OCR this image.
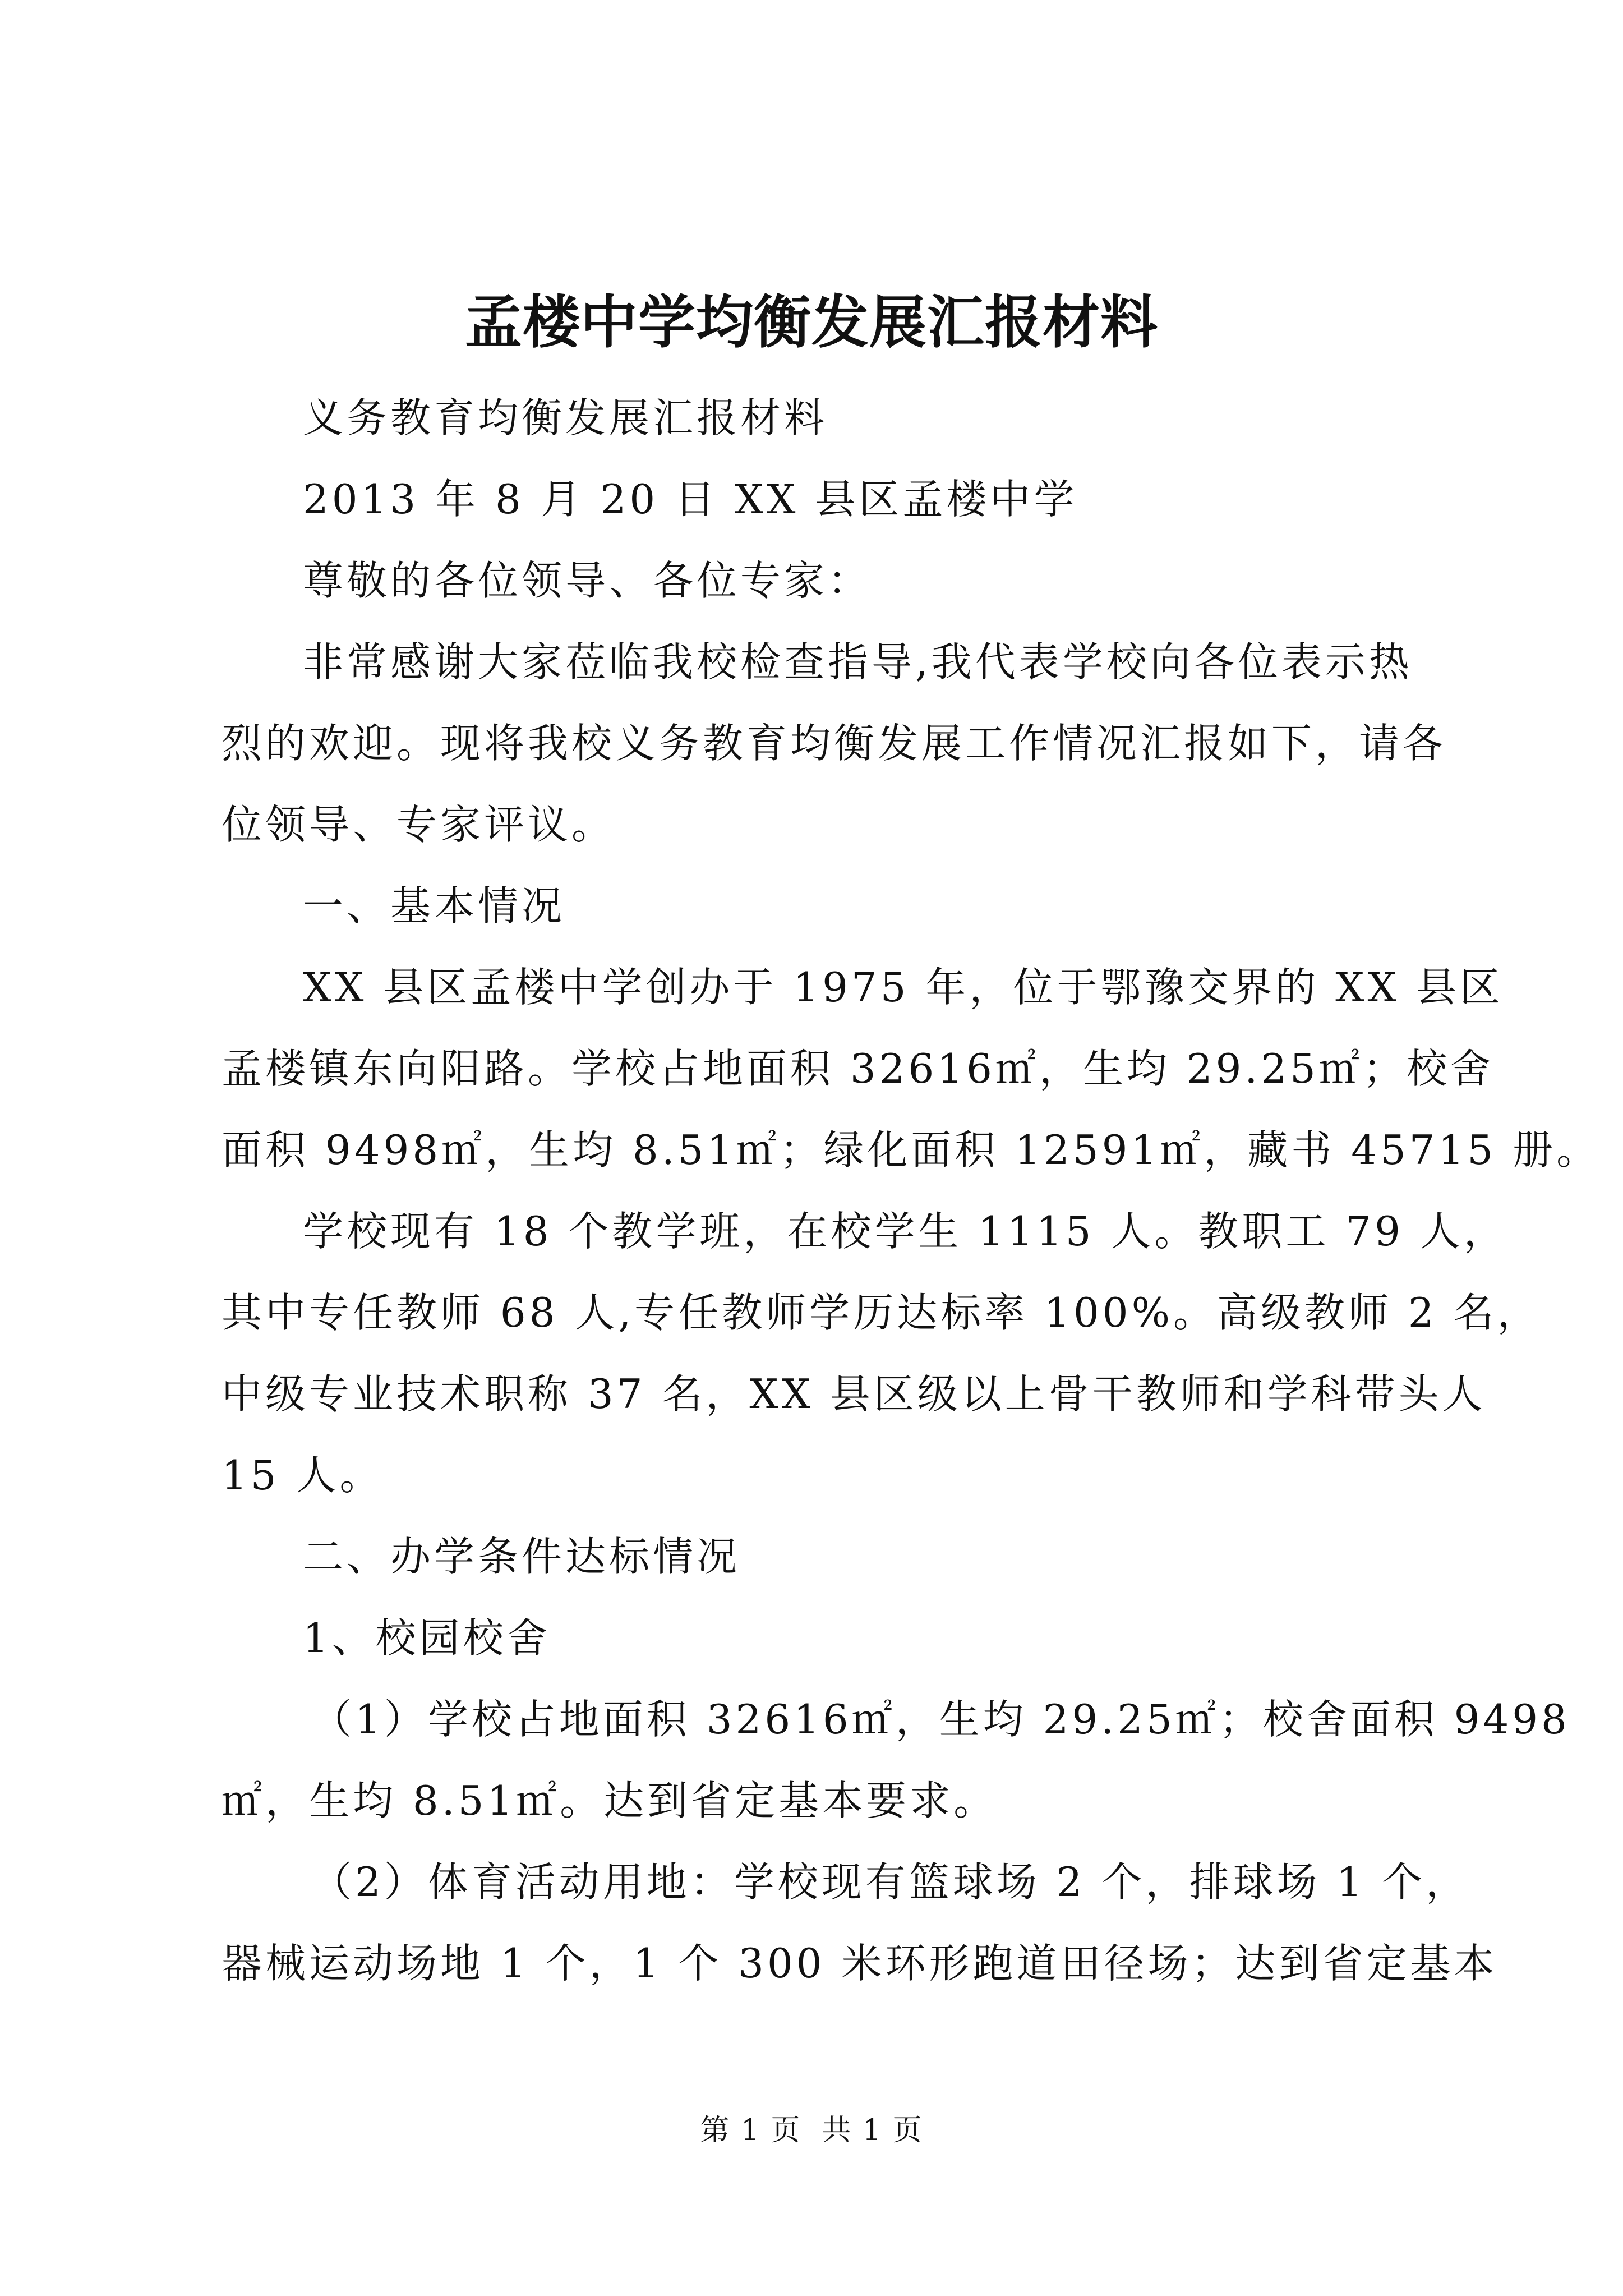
孟楼中学均衡发展汇报材料
义务教育均衡发展汇报材料
2013 年 8 月 20 日 XX 县区孟楼中学
尊敬的各位领导、各位专家：
非常感谢大家莅临我校检查指导,我代表学校向各位表示热
烈的欢迎。现将我校义务教育均衡发展工作情况汇报如下，请各
位领导、专家评议。
一、基本情况
XX 县区孟楼中学创办于 1975 年，位于鄂豫交界的 XX 县区
孟楼镇东向阳路。学校占地面积 32616㎡，生均 29.25㎡；校舍
面积 9498㎡，生均 8.51㎡；绿化面积 12591㎡，藏书 45715 册。
学校现有 18 个教学班，在校学生 1115 人。教职工 79 人，
其中专任教师 68 人,专任教师学历达标率 100%。高级教师 2 名，
中级专业技术职称 37 名，XX 县区级以上骨干教师和学科带头人
15 人。
二、办学条件达标情况
1、校园校舍
（1）学校占地面积 32616㎡，生均 29.25㎡；校舍面积 9498
㎡，生均 8.51㎡。达到省定基本要求。
（2）体育活动用地：学校现有篮球场 2 个，排球场 1 个，
器械运动场地 1 个，1 个 300 米环形跑道田径场；达到省定基本
第 1 页  共 1 页
